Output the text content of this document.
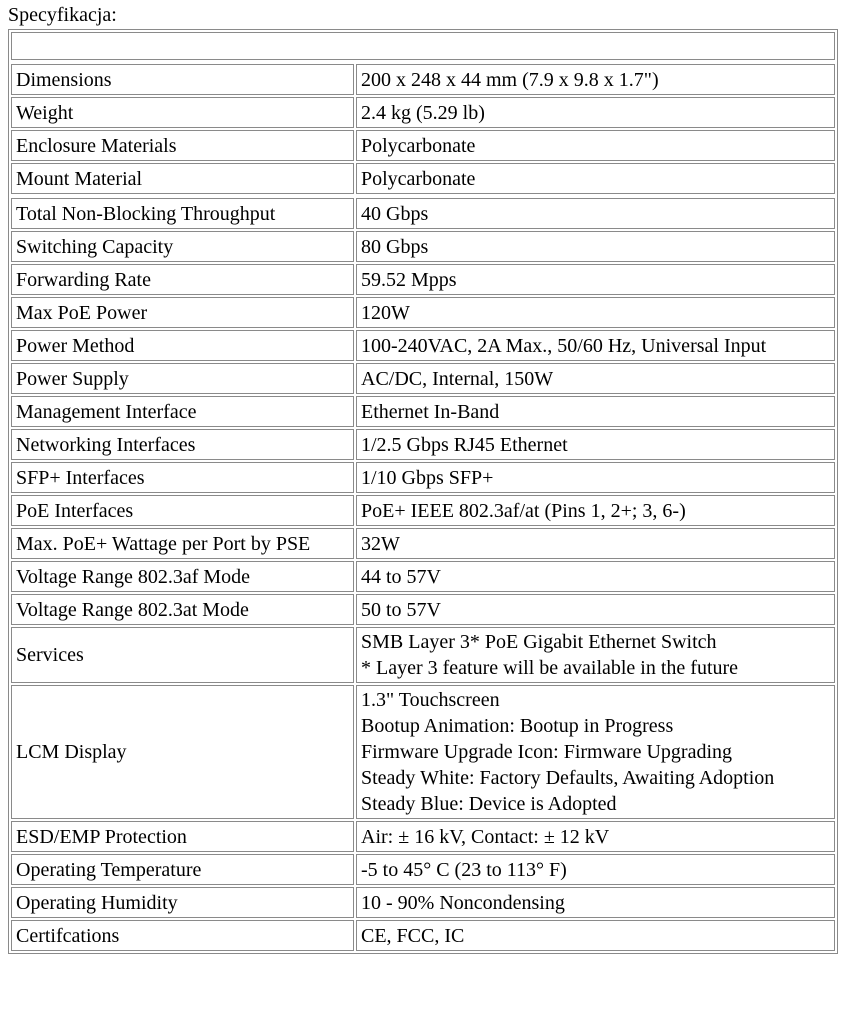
Specyfikacja:
Dimensions	200 x 248 x 44 mm (7.9 x 9.8 x 1.7")

Weight	2.4 kg (5.29 lb)

Enclosure Materials	Polycarbonate

Mount Material	Polycarbonate
Total Non-Blocking Throughput	40 Gbps

Switching Capacity	80 Gbps

Forwarding Rate	59.52 Mpps

Max PoE Power	120W

Power Method	100-240VAC, 2A Max., 50/60 Hz, Universal Input

Power Supply	AC/DC, Internal, 150W

Management Interface	Ethernet In-Band

Networking Interfaces	1/2.5 Gbps RJ45 Ethernet

SFP+ Interfaces	1/10 Gbps SFP+

PoE Interfaces	PoE+ IEEE 802.3af/at (Pins 1, 2+; 3, 6-)

Max. PoE+ Wattage per Port by PSE	32W

Voltage Range 802.3af Mode	44 to 57V

Voltage Range 802.3at Mode	50 to 57V

Services	SMB Layer 3* PoE Gigabit Ethernet Switch
* Layer 3 feature will be available in the future

LCM Display	1.3" Touchscreen
Bootup Animation: Bootup in Progress
Firmware Upgrade Icon: Firmware Upgrading
Steady White: Factory Defaults, Awaiting Adoption
Steady Blue: Device is Adopted

ESD/EMP Protection	Air: ± 16 kV, Contact: ± 12 kV

Operating Temperature	-5 to 45° C (23 to 113° F)

Operating Humidity	10 - 90% Noncondensing

Certifcations	CE, FCC, IC
